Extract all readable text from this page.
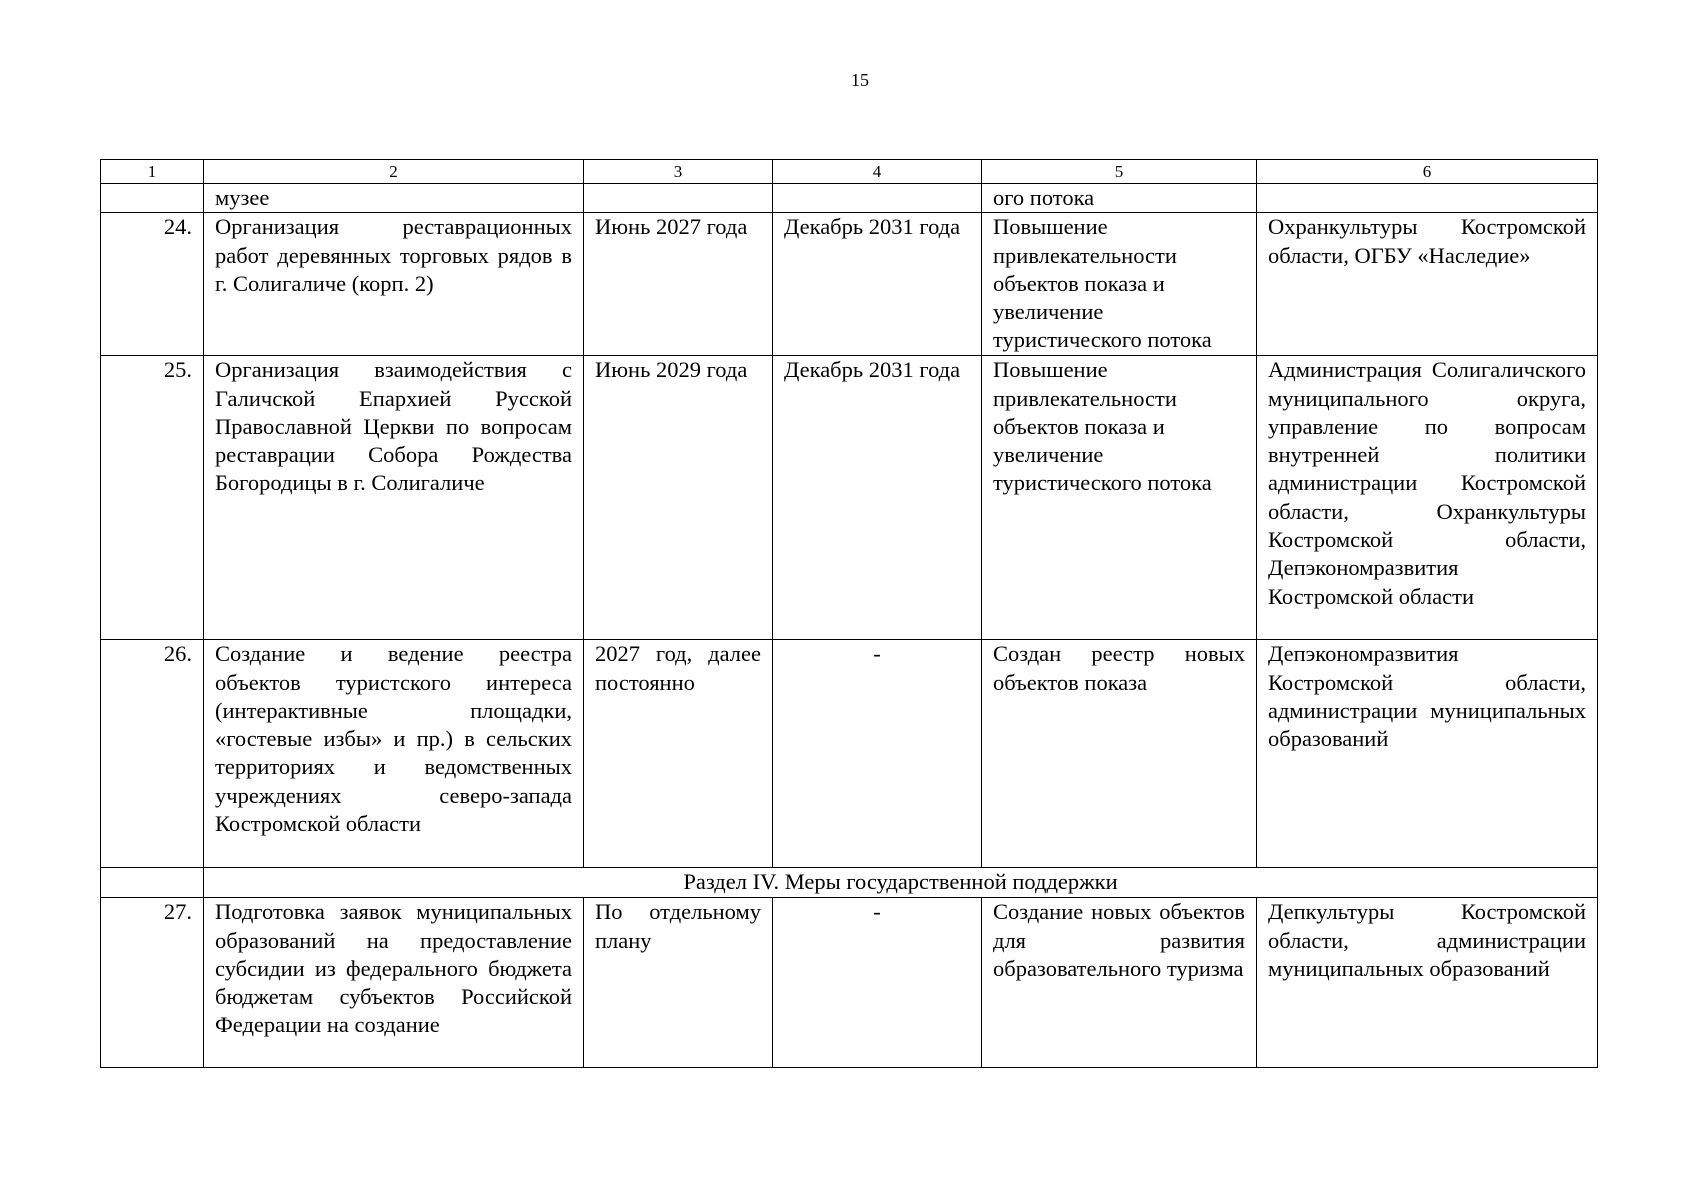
15
1	2	3	4	5	6
	музее			ого потока	
24.	Организация реставрационных работ деревянных торговых рядов в г. Солигаличе (корп. 2)	Июнь 2027 года	Декабрь 2031 года	Повышение привлекательности объектов показа и увеличение туристического потока	Охранкультуры Костромской области, ОГБУ «Наследие»
25.	Организация взаимодействия с Галичской Епархией Русской Православной Церкви по вопросам реставрации Собора Рождества Богородицы в г. Солигаличе	Июнь 2029 года	Декабрь 2031 года	Повышение привлекательности объектов показа и увеличение туристического потока	Администрация Солигаличского муниципального округа, управление по вопросам внутренней политики администрации Костромской области, Охранкультуры Костромской области, Депэкономразвития Костромской области
26.	Создание и ведение реестра объектов туристского интереса (интерактивные площадки, «гостевые избы» и пр.) в сельских территориях и ведомственных учреждениях северо-запада Костромской области	2027 год, далее постоянно	-	Создан реестр новых объектов показа	Депэкономразвития Костромской области, администрации муниципальных образований
	Раздел IV. Меры государственной поддержки				
27.	Подготовка заявок муниципальных образований на предоставление субсидии из федерального бюджета бюджетам субъектов Российской Федерации на создание	По отдельному плану	-	Создание новых объектов для развития образовательного туризма	Депкультуры Костромской области, администрации муниципальных образований
